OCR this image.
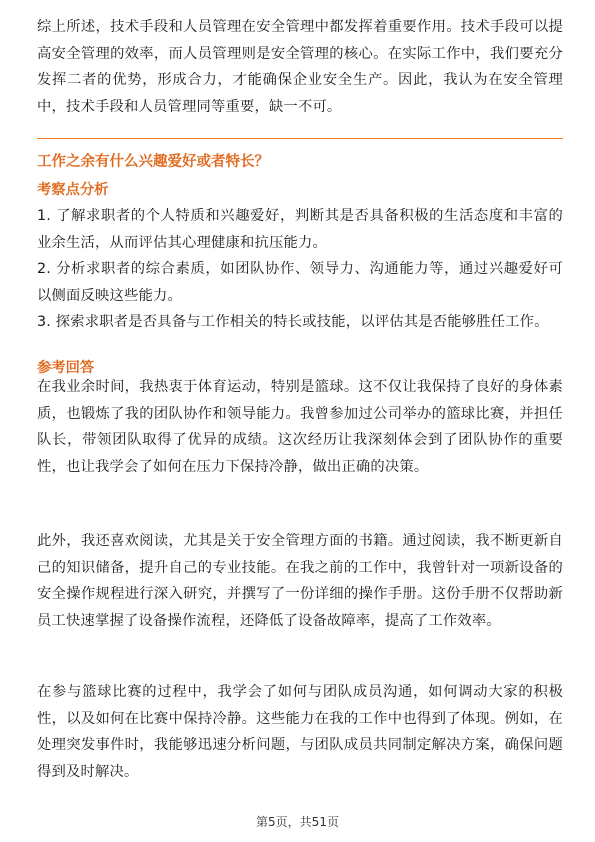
综上所述，技术手段和人员管理在安全管理中都发挥着重要作用。技术手段可以提高安全管理的效率，而人员管理则是安全管理的核心。在实际工作中，我们要充分发挥二者的优势，形成合力，才能确保企业安全生产。因此，我认为在安全管理中，技术手段和人员管理同等重要，缺一不可。

工作之余有什么兴趣爱好或者特长？

考察点分析

1. 了解求职者的个人特质和兴趣爱好，判断其是否具备积极的生活态度和丰富的业余生活，从而评估其心理健康和抗压能力。
2. 分析求职者的综合素质，如团队协作、领导力、沟通能力等，通过兴趣爱好可以侧面反映这些能力。
3. 探索求职者是否具备与工作相关的特长或技能，以评估其是否能够胜任工作。

参考回答

在我业余时间，我热衷于体育运动，特别是篮球。这不仅让我保持了良好的身体素质，也锻炼了我的团队协作和领导能力。我曾参加过公司举办的篮球比赛，并担任队长，带领团队取得了优异的成绩。这次经历让我深刻体会到了团队协作的重要性，也让我学会了如何在压力下保持冷静，做出正确的决策。

此外，我还喜欢阅读，尤其是关于安全管理方面的书籍。通过阅读，我不断更新自己的知识储备，提升自己的专业技能。在我之前的工作中，我曾针对一项新设备的安全操作规程进行深入研究，并撰写了一份详细的操作手册。这份手册不仅帮助新员工快速掌握了设备操作流程，还降低了设备故障率，提高了工作效率。

在参与篮球比赛的过程中，我学会了如何与团队成员沟通，如何调动大家的积极性，以及如何在比赛中保持冷静。这些能力在我的工作中也得到了体现。例如，在处理突发事件时，我能够迅速分析问题，与团队成员共同制定解决方案，确保问题得到及时解决。

第5页，共51页
